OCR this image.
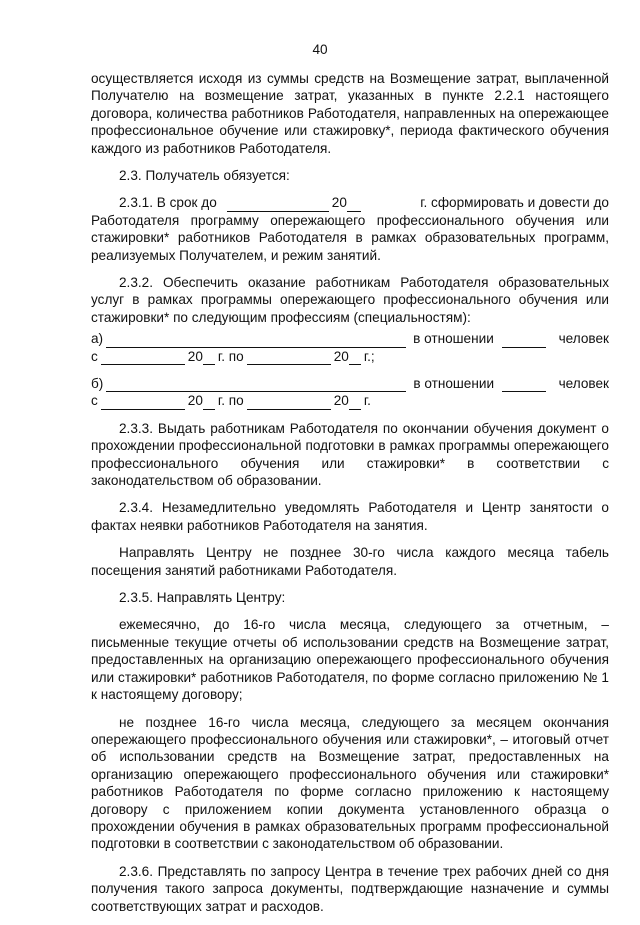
40

осуществляется исходя из суммы средств на Возмещение затрат, выплаченной Получателю на возмещение затрат, указанных в пункте 2.2.1 настоящего договора, количества работников Работодателя, направленных на опережающее профессиональное обучение или стажировку*, периода фактического обучения каждого из работников Работодателя.

2.3. Получатель обязуется:

2.3.1. В срок до	20	г. сформировать и довести до

Работодателя программу опережающего профессионального обучения или стажировки* работников Работодателя в рамках образовательных программ, реализуемых Получателем, и режим занятий.

2.3.2. Обеспечить оказание работникам Работодателя образовательных услуг в рамках программы опережающего профессионального обучения или стажировки* по следующим профессиям (специальностям):

а)	в отношении	человек
с	20 г. по	20 г.;
б)	в отношении	человек
с	20 г. по	20 г.

2.3.3. Выдать работникам Работодателя по окончании обучения документ о прохождении профессиональной подготовки в рамках программы опережающего профессионального обучения или стажировки* в соответствии с законодательством об образовании.

2.3.4. Незамедлительно уведомлять Работодателя и Центр занятости о фактах неявки работников Работодателя на занятия.

Направлять Центру не позднее 30-го числа каждого месяца табель посещения занятий работниками Работодателя.

2.3.5. Направлять Центру:

ежемесячно, до 16-го числа месяца, следующего за отчетным, – письменные текущие отчеты об использовании средств на Возмещение затрат, предоставленных на организацию опережающего профессионального обучения или стажировки* работников Работодателя, по форме согласно приложению № 1 к настоящему договору;

не позднее 16-го числа месяца, следующего за месяцем окончания опережающего профессионального обучения или стажировки*, – итоговый отчет об использовании средств на Возмещение затрат, предоставленных на организацию опережающего профессионального обучения или стажировки* работников Работодателя по форме согласно приложению к настоящему договору с приложением копии документа установленного образца о прохождении обучения в рамках образовательных программ профессиональной подготовки в соответствии с законодательством об образовании.

2.3.6. Представлять по запросу Центра в течение трех рабочих дней со дня получения такого запроса документы, подтверждающие назначение и суммы соответствующих затрат и расходов.
